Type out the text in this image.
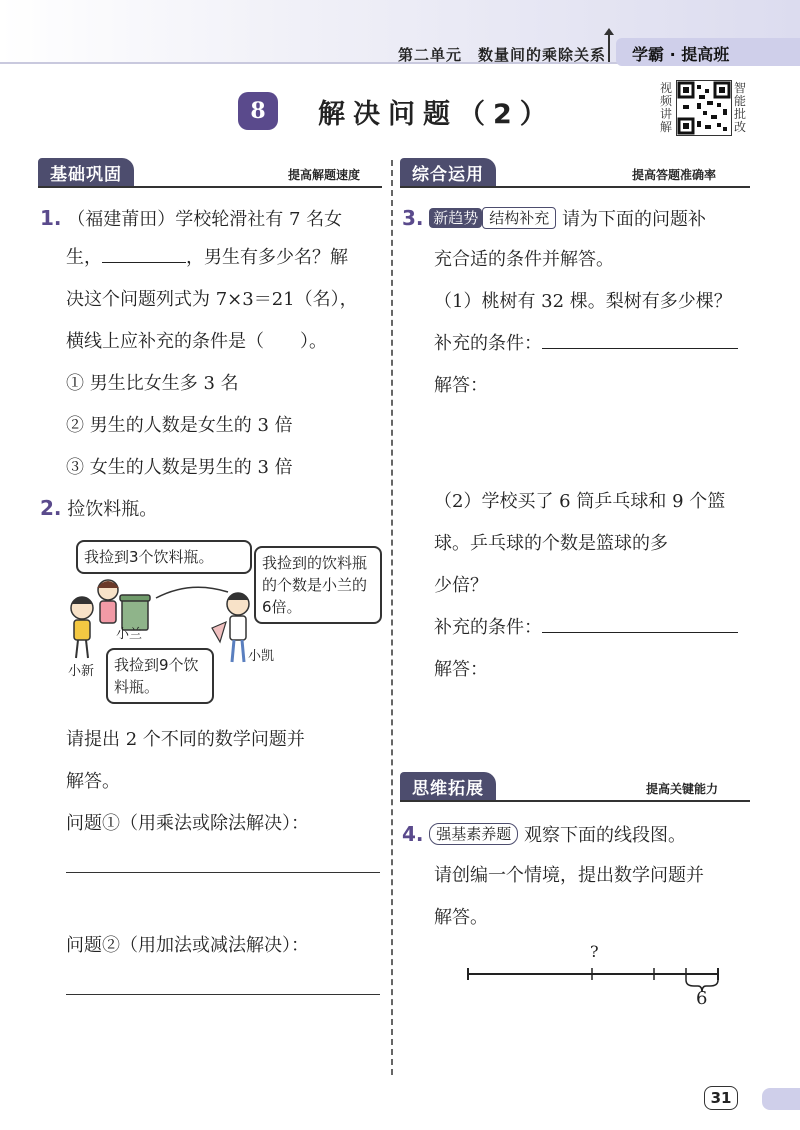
第二单元　数量间的乘除关系 学霸 · 提高班
8	解决问题（2）
视频讲解
智能批改
基础巩固	提高解题速度	综合运用	提高答题准确率
1. （福建莆田）学校轮滑社有 7 名女
生，	，男生有多少名？解
决这个问题列式为 7×3＝21（名），
横线上应补充的条件是（　　）。
① 男生比女生多 3 名
② 男生的人数是女生的 3 倍
③ 女生的人数是男生的 3 倍
2. 捡饮料瓶。
我捡到3个饮料瓶。	我捡到的饮料瓶的个数是小兰的6倍。
我捡到9个饮料瓶。
小兰
小新
小凯
请提出 2 个不同的数学问题并
解答。
问题①（用乘法或除法解决）：
问题②（用加法或减法解决）：
3. 新趋势 结构补充 请为下面的问题补
充合适的条件并解答。
（1）桃树有 32 棵。梨树有多少棵？
补充的条件：
解答：
（2）学校买了 6 筒乒乓球和 9 个篮
球。乒乓球的个数是篮球的多
少倍？
补充的条件：
解答：
思维拓展	提高关键能力
4. 强基素养题 观察下面的线段图。
请创编一个情境，提出数学问题并
解答。
?
6
31
